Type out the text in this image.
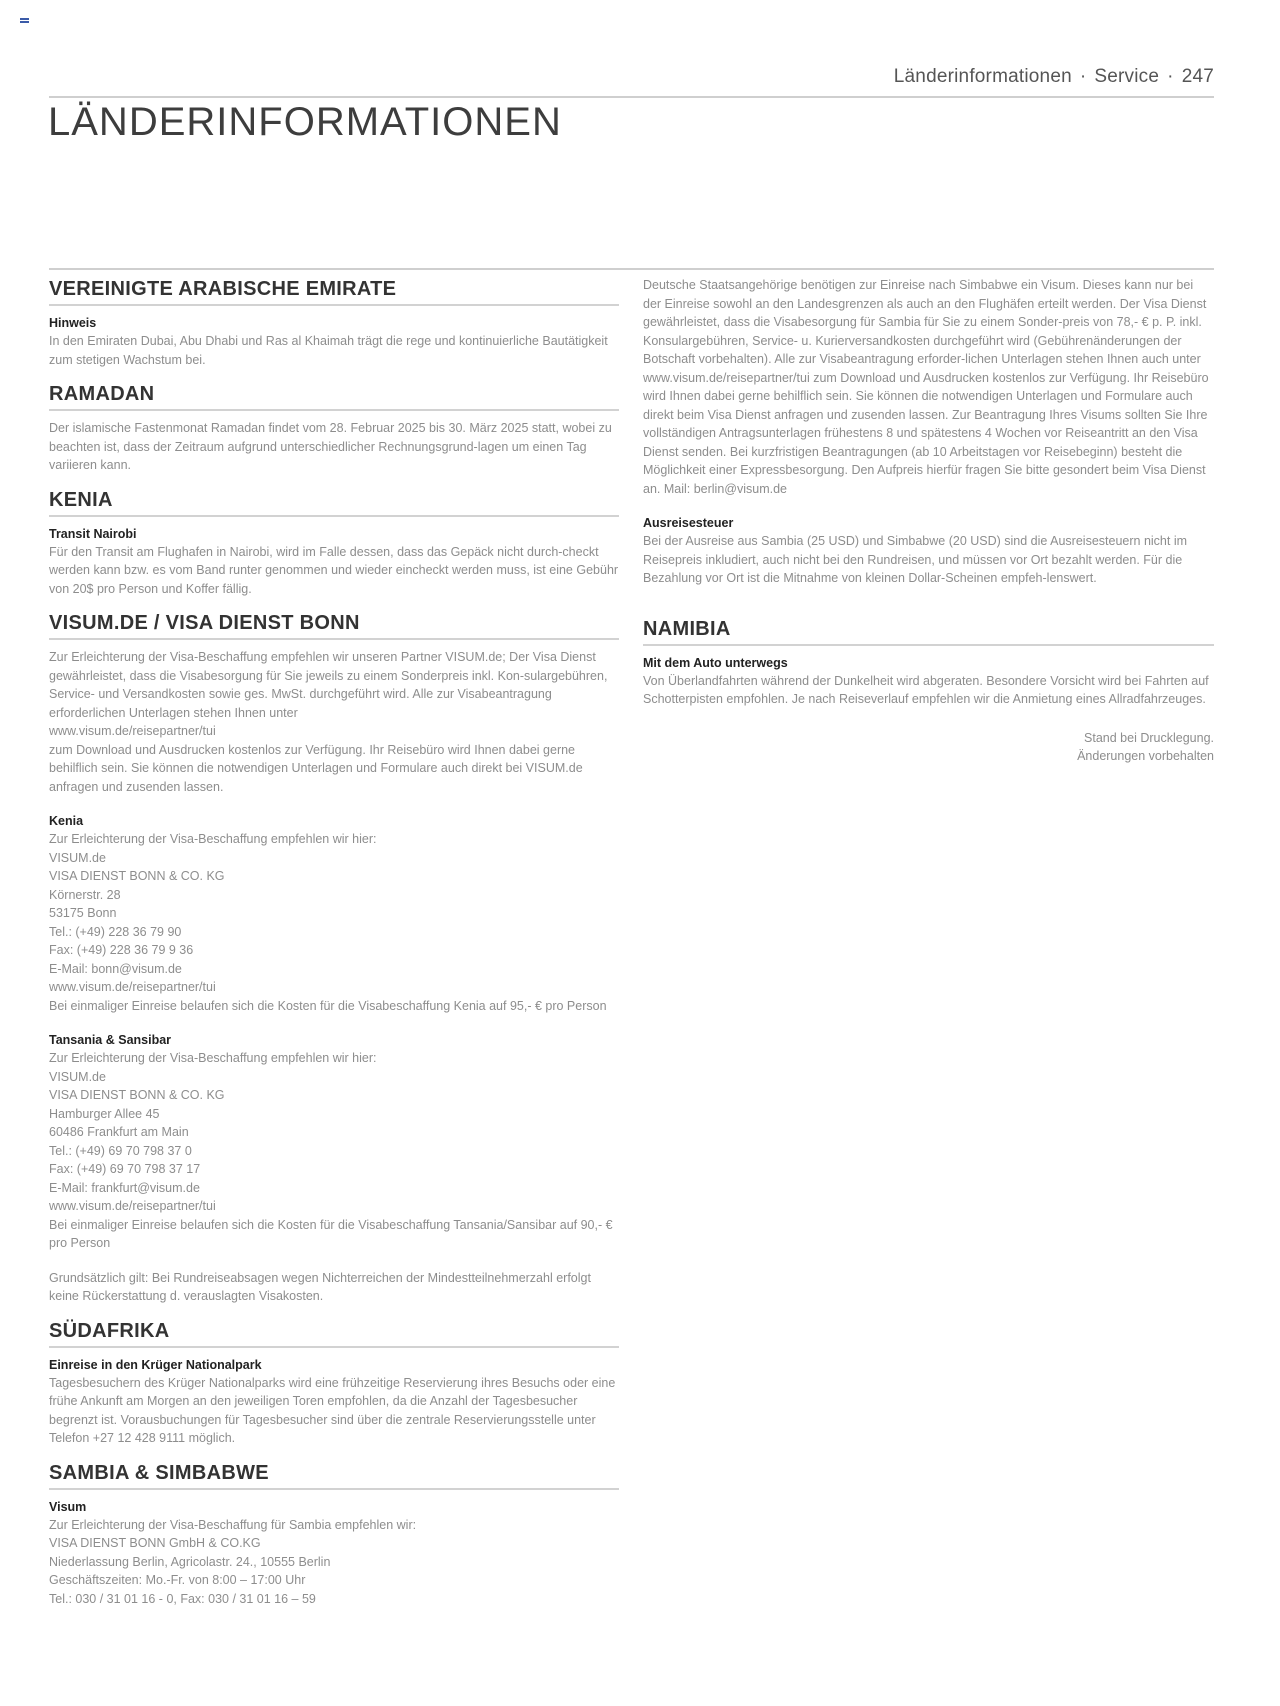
Länderinformationen · Service · 247
LÄNDERINFORMATIONEN
VEREINIGTE ARABISCHE EMIRATE
Hinweis

In den Emiraten Dubai, Abu Dhabi und Ras al Khaimah trägt die rege und kontinuierliche Bautätigkeit zum stetigen Wachstum bei.

RAMADAN

Der islamische Fastenmonat Ramadan findet vom 28. Februar 2025 bis 30. März 2025 statt, wobei zu beachten ist, dass der Zeitraum aufgrund unterschiedlicher Rechnungsgrund-lagen um einen Tag variieren kann.

KENIA
Transit Nairobi

Für den Transit am Flughafen in Nairobi, wird im Falle dessen, dass das Gepäck nicht durch-checkt werden kann bzw. es vom Band runter genommen und wieder eincheckt werden muss, ist eine Gebühr von 20$ pro Person und Koffer fällig.

VISUM.DE / VISA DIENST BONN

Zur Erleichterung der Visa-Beschaffung empfehlen wir unseren Partner VISUM.de; Der Visa Dienst gewährleistet, dass die Visabesorgung für Sie jeweils zu einem Sonderpreis inkl. Kon-sulargebühren, Service- und Versandkosten sowie ges. MwSt. durchgeführt wird. Alle zur Visabeantragung erforderlichen Unterlagen stehen Ihnen unter

www.visum.de/reisepartner/tui

zum Download und Ausdrucken kostenlos zur Verfügung. Ihr Reisebüro wird Ihnen dabei gerne behilflich sein. Sie können die notwendigen Unterlagen und Formulare auch direkt bei VISUM.de anfragen und zusenden lassen.

Kenia

Zur Erleichterung der Visa-Beschaffung empfehlen wir hier:

VISUM.de

VISA DIENST BONN & CO. KG

Körnerstr. 28

53175 Bonn

Tel.: (+49) 228 36 79 90

Fax: (+49) 228 36 79 9 36

E-Mail: bonn@visum.de

www.visum.de/reisepartner/tui

Bei einmaliger Einreise belaufen sich die Kosten für die Visabeschaffung Kenia auf 95,- € pro Person

Tansania & Sansibar

Zur Erleichterung der Visa-Beschaffung empfehlen wir hier:

VISUM.de

VISA DIENST BONN & CO. KG

Hamburger Allee 45

60486 Frankfurt am Main

Tel.: (+49) 69 70 798 37 0

Fax: (+49) 69 70 798 37 17

E-Mail: frankfurt@visum.de

www.visum.de/reisepartner/tui

Bei einmaliger Einreise belaufen sich die Kosten für die Visabeschaffung Tansania/Sansibar auf 90,- € pro Person

Grundsätzlich gilt: Bei Rundreiseabsagen wegen Nichterreichen der Mindestteilnehmerzahl erfolgt keine Rückerstattung d. verauslagten Visakosten.

SÜDAFRIKA
Einreise in den Krüger Nationalpark

Tagesbesuchern des Krüger Nationalparks wird eine frühzeitige Reservierung ihres Besuchs oder eine frühe Ankunft am Morgen an den jeweiligen Toren empfohlen, da die Anzahl der Tagesbesucher begrenzt ist. Vorausbuchungen für Tagesbesucher sind über die zentrale Reservierungsstelle unter Telefon +27 12 428 9111 möglich.

SAMBIA & SIMBABWE
Visum

Zur Erleichterung der Visa-Beschaffung für Sambia empfehlen wir:

VISA DIENST BONN GmbH & CO.KG

Niederlassung Berlin, Agricolastr. 24., 10555 Berlin

Geschäftszeiten: Mo.-Fr. von 8:00 – 17:00 Uhr

Tel.: 030 / 31 01 16 - 0, Fax: 030 / 31 01 16 – 59

Deutsche Staatsangehörige benötigen zur Einreise nach Simbabwe ein Visum. Dieses kann nur bei der Einreise sowohl an den Landesgrenzen als auch an den Flughäfen erteilt werden. Der Visa Dienst gewährleistet, dass die Visabesorgung für Sambia für Sie zu einem Sonder-preis von 78,- € p. P. inkl. Konsulargebühren, Service- u. Kurierversandkosten durchgeführt wird (Gebührenänderungen der Botschaft vorbehalten). Alle zur Visabeantragung erforder-lichen Unterlagen stehen Ihnen auch unter www.visum.de/reisepartner/tui zum Download und Ausdrucken kostenlos zur Verfügung. Ihr Reisebüro wird Ihnen dabei gerne behilflich sein. Sie können die notwendigen Unterlagen und Formulare auch direkt beim Visa Dienst anfragen und zusenden lassen. Zur Beantragung Ihres Visums sollten Sie Ihre vollständigen Antragsunterlagen frühestens 8 und spätestens 4 Wochen vor Reiseantritt an den Visa Dienst senden. Bei kurzfristigen Beantragungen (ab 10 Arbeitstagen vor Reisebeginn) besteht die Möglichkeit einer Expressbesorgung. Den Aufpreis hierfür fragen Sie bitte gesondert beim Visa Dienst an. Mail: berlin@visum.de

Ausreisesteuer

Bei der Ausreise aus Sambia (25 USD) und Simbabwe (20 USD) sind die Ausreisesteuern nicht im Reisepreis inkludiert, auch nicht bei den Rundreisen, und müssen vor Ort bezahlt werden. Für die Bezahlung vor Ort ist die Mitnahme von kleinen Dollar-Scheinen empfeh-lenswert.

NAMIBIA
Mit dem Auto unterwegs

Von Überlandfahrten während der Dunkelheit wird abgeraten. Besondere Vorsicht wird bei Fahrten auf Schotterpisten empfohlen. Je nach Reiseverlauf empfehlen wir die Anmietung eines Allradfahrzeuges.

Stand bei Drucklegung.
Änderungen vorbehalten
